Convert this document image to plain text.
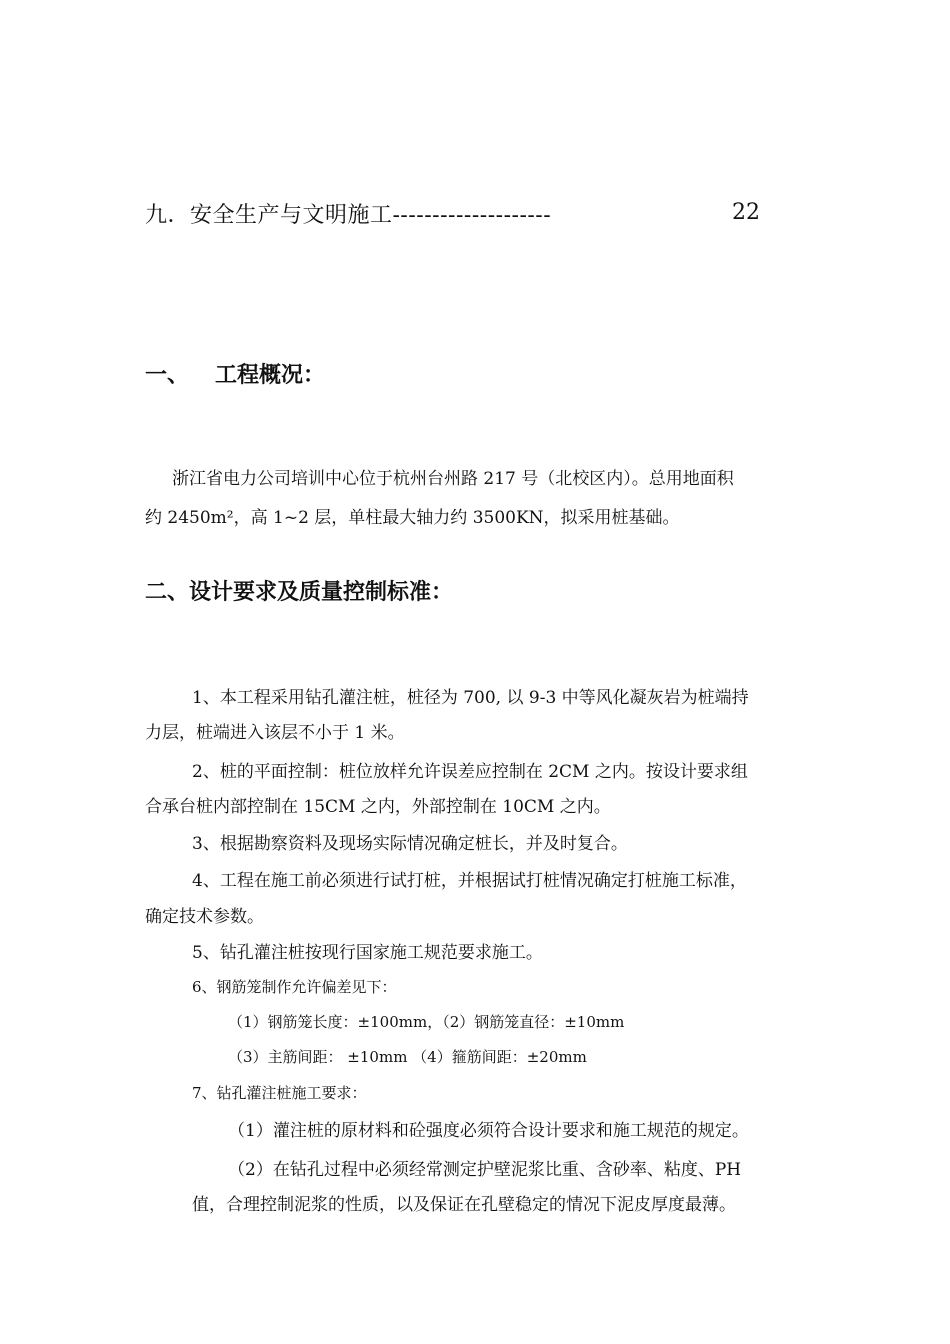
九．安全生产与文明施工--------------------	22
一、 工程概况：
浙江省电力公司培训中心位于杭州台州路 217 号（北校区内）。总用地面积
约 2450m²，高 1~2 层，单柱最大轴力约 3500KN，拟采用桩基础。
二、设计要求及质量控制标准：
1、本工程采用钻孔灌注桩，桩径为 700, 以 9-3 中等风化凝灰岩为桩端持
力层，桩端进入该层不小于 1 米。
2、桩的平面控制：桩位放样允许误差应控制在 2CM 之内。按设计要求组
合承台桩内部控制在 15CM 之内，外部控制在 10CM 之内。
3、根据勘察资料及现场实际情况确定桩长，并及时复合。
4、工程在施工前必须进行试打桩，并根据试打桩情况确定打桩施工标准，
确定技术参数。
5、钻孔灌注桩按现行国家施工规范要求施工。
6、钢筋笼制作允许偏差见下：
（1）钢筋笼长度：±100mm，（2）钢筋笼直径：±10mm
（3）主筋间距： ±10mm （4）箍筋间距：±20mm
7、钻孔灌注桩施工要求：
（1）灌注桩的原材料和砼强度必须符合设计要求和施工规范的规定。
（2）在钻孔过程中必须经常测定护壁泥浆比重、含砂率、粘度、PH
值，合理控制泥浆的性质，以及保证在孔壁稳定的情况下泥皮厚度最薄。
